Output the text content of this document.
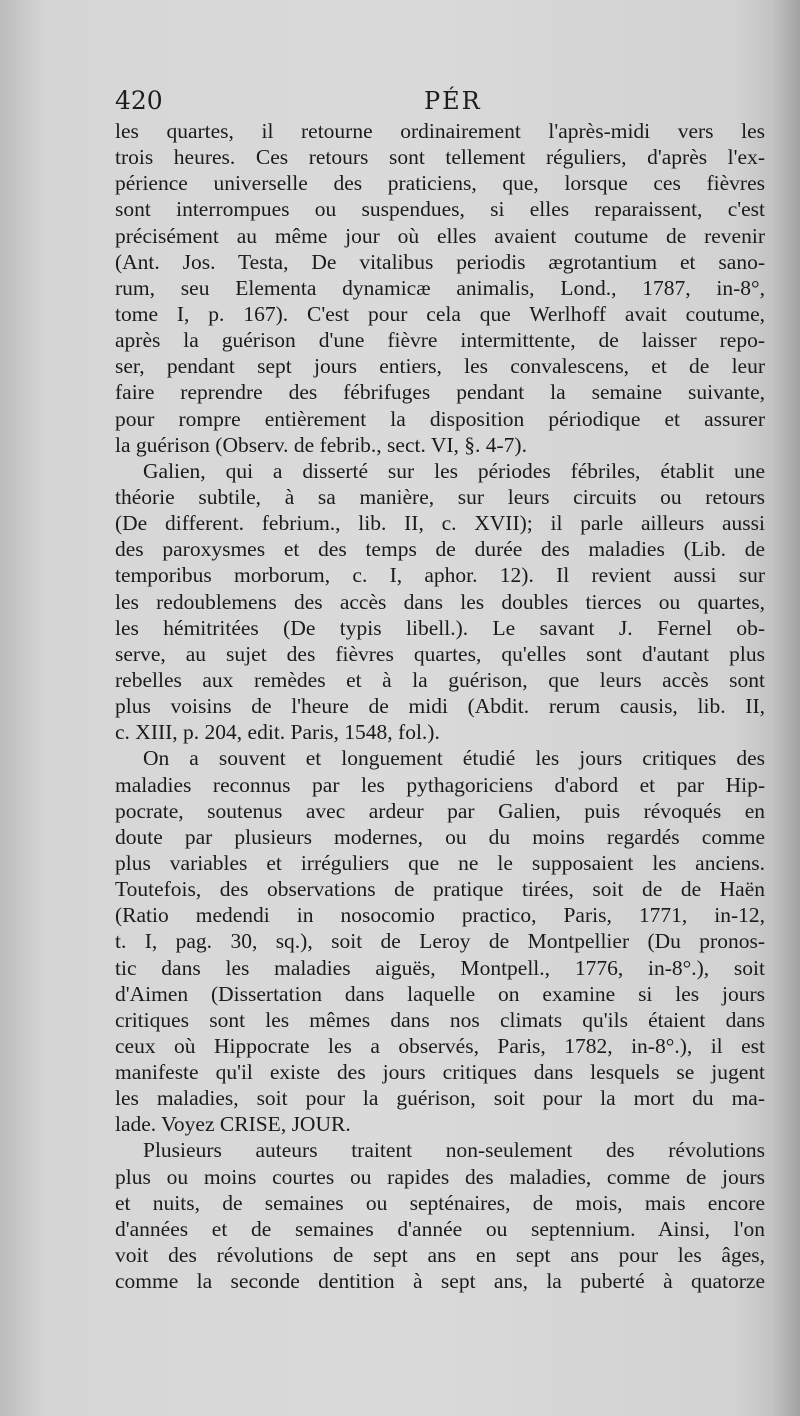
420	PÉR
les quartes, il retourne ordinairement l'après-midi vers les
trois heures. Ces retours sont tellement réguliers, d'après l'ex-
périence universelle des praticiens, que, lorsque ces fièvres
sont interrompues ou suspendues, si elles reparaissent, c'est
précisément au même jour où elles avaient coutume de revenir
(Ant. Jos. Testa, De vitalibus periodis ægrotantium et sano-
rum, seu Elementa dynamicæ animalis, Lond., 1787, in-8°,
tome I, p. 167). C'est pour cela que Werlhoff avait coutume,
après la guérison d'une fièvre intermittente, de laisser repo-
ser, pendant sept jours entiers, les convalescens, et de leur
faire reprendre des fébrifuges pendant la semaine suivante,
pour rompre entièrement la disposition périodique et assurer
la guérison (Observ. de febrib., sect. VI, §. 4-7).
Galien, qui a disserté sur les périodes fébriles, établit une
théorie subtile, à sa manière, sur leurs circuits ou retours
(De different. febrium., lib. II, c. XVII); il parle ailleurs aussi
des paroxysmes et des temps de durée des maladies (Lib. de
temporibus morborum, c. I, aphor. 12). Il revient aussi sur
les redoublemens des accès dans les doubles tierces ou quartes,
les hémitritées (De typis libell.). Le savant J. Fernel ob-
serve, au sujet des fièvres quartes, qu'elles sont d'autant plus
rebelles aux remèdes et à la guérison, que leurs accès sont
plus voisins de l'heure de midi (Abdit. rerum causis, lib. II,
c. XIII, p. 204, edit. Paris, 1548, fol.).
On a souvent et longuement étudié les jours critiques des
maladies reconnus par les pythagoriciens d'abord et par Hip-
pocrate, soutenus avec ardeur par Galien, puis révoqués en
doute par plusieurs modernes, ou du moins regardés comme
plus variables et irréguliers que ne le supposaient les anciens.
Toutefois, des observations de pratique tirées, soit de de Haën
(Ratio medendi in nosocomio practico, Paris, 1771, in-12,
t. I, pag. 30, sq.), soit de Leroy de Montpellier (Du pronos-
tic dans les maladies aiguës, Montpell., 1776, in-8°.), soit
d'Aimen (Dissertation dans laquelle on examine si les jours
critiques sont les mêmes dans nos climats qu'ils étaient dans
ceux où Hippocrate les a observés, Paris, 1782, in-8°.), il est
manifeste qu'il existe des jours critiques dans lesquels se jugent
les maladies, soit pour la guérison, soit pour la mort du ma-
lade. Voyez CRISE, JOUR.
Plusieurs auteurs traitent non-seulement des révolutions
plus ou moins courtes ou rapides des maladies, comme de jours
et nuits, de semaines ou septénaires, de mois, mais encore
d'années et de semaines d'année ou septennium. Ainsi, l'on
voit des révolutions de sept ans en sept ans pour les âges,
comme la seconde dentition à sept ans, la puberté à quatorze
